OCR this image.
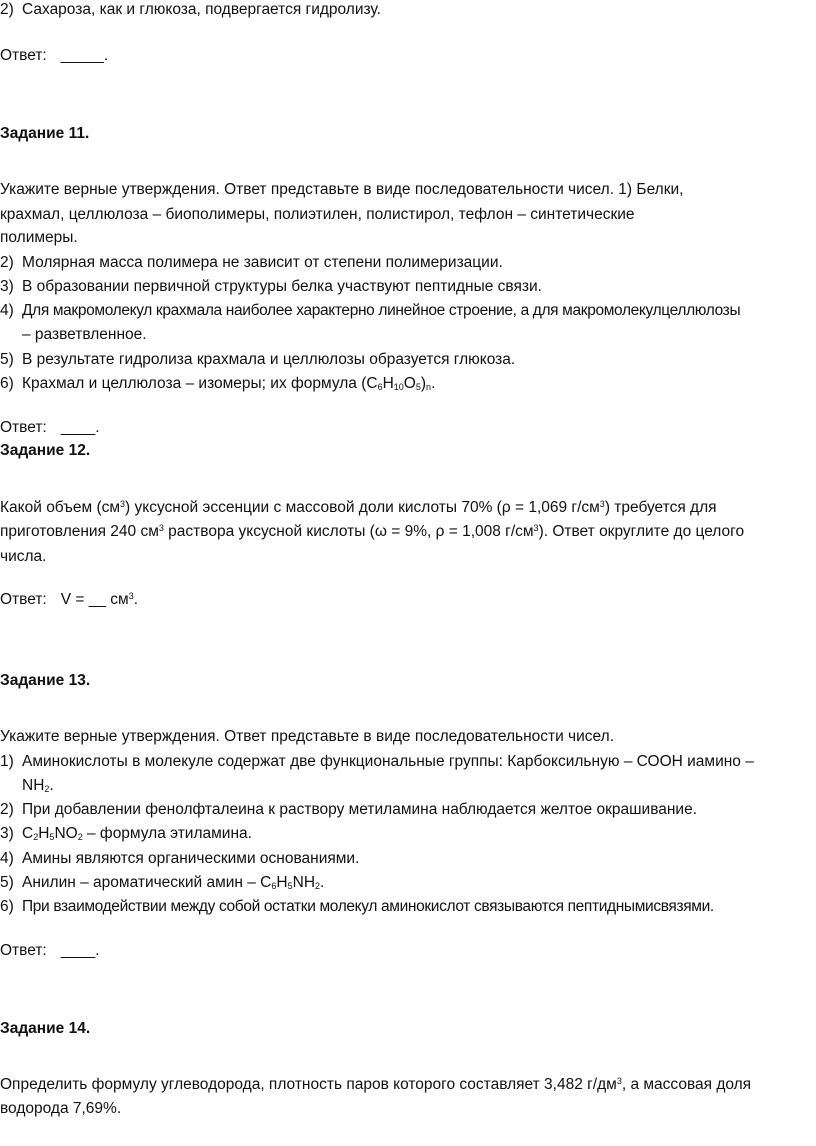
2) Сахароза, как и глюкоза, подвергается гидролизу.
Ответ: _____.
Задание 11.
Укажите верные утверждения. Ответ представьте в виде последовательности чисел. 1) Белки,
крахмал, целлюлоза – биополимеры, полиэтилен, полистирол, тефлон – синтетические
полимеры.
2) Молярная масса полимера не зависит от степени полимеризации.
3) В образовании первичной структуры белка участвуют пептидные связи.
4) Для макромолекул крахмала наиболее характерно линейное строение, а для макромолекулцеллюлозы
– разветвленное.
5) В результате гидролиза крахмала и целлюлозы образуется глюкоза.
6) Крахмал и целлюлоза – изомеры; их формула $(С_6Н_{10}О_5)_n$.
Ответ: ____.
Задание 12.
Какой объем $(см^3)$ уксусной эссенции с массовой доли кислоты 70% (ρ = 1,069 $г/см^3$) требуется для
приготовления 240 $см^3$ раствора уксусной кислоты (ω = 9%, ρ = 1,008 $г/см^3$). Ответ округлите до целого
числа.
Ответ: V = __ $см^3$.
Задание 13.
Укажите верные утверждения. Ответ представьте в виде последовательности чисел.
1) Аминокислоты в молекуле содержат две функциональные группы: Карбоксильную – СООН иамино –
$NH_2$.
2) При добавлении фенолфталеина к раствору метиламина наблюдается желтое окрашивание.
3) $C_2H_5NO_2$ – формула этиламина.
4) Амины являются органическими основаниями.
5) Анилин – ароматический амин – $C_6H_5NH_2$.
6) При взаимодействии между собой остатки молекул аминокислот связываются пептиднымисвязями.
Ответ: ____.
Задание 14.
Определить формулу углеводорода, плотность паров которого составляет 3,482 $г/дм^3$, а массовая доля
водорода 7,69%.
